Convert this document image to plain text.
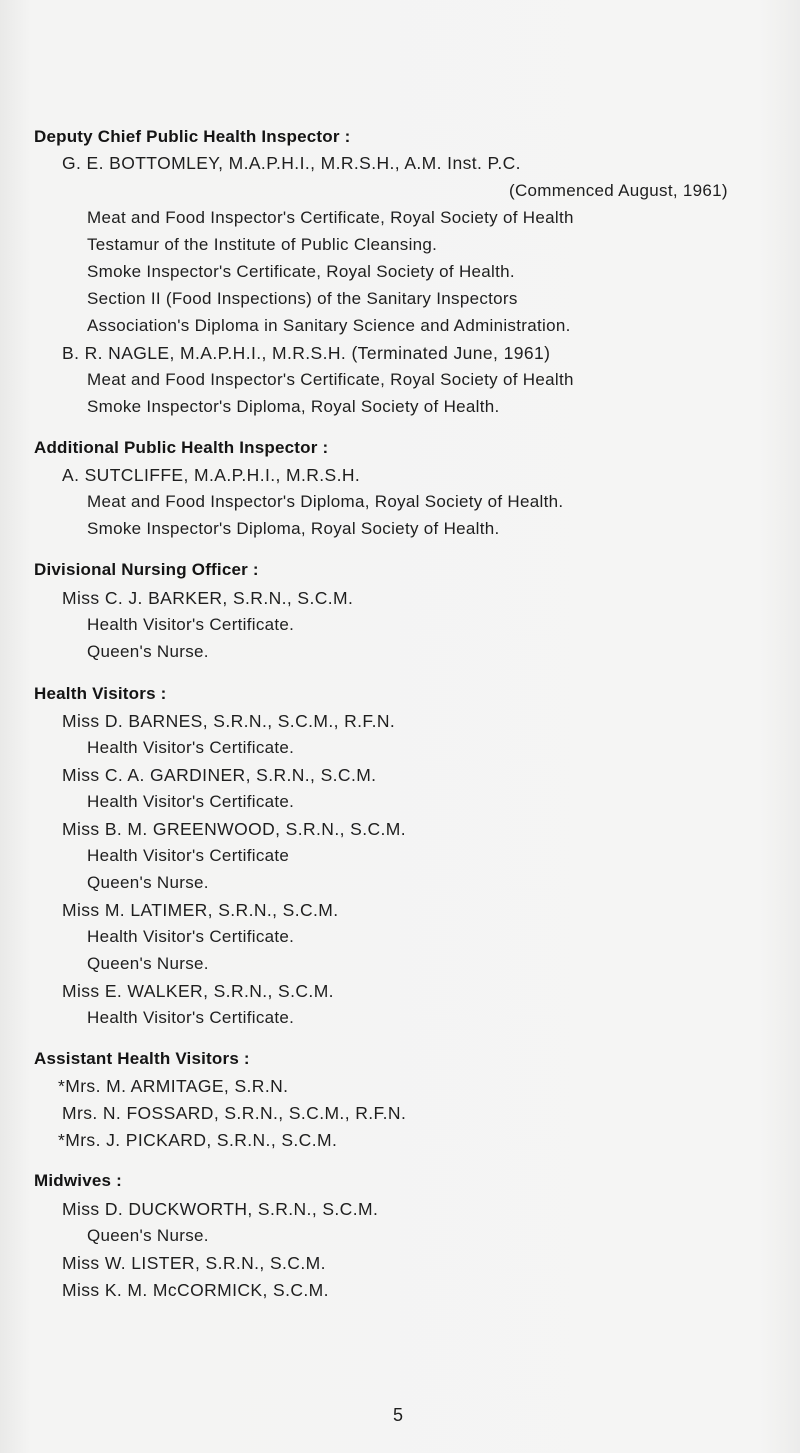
Deputy Chief Public Health Inspector :
G. E. BOTTOMLEY, M.A.P.H.I., M.R.S.H., A.M. Inst. P.C.
(Commenced August, 1961)
Meat and Food Inspector's Certificate, Royal Society of Health
Testamur of the Institute of Public Cleansing.
Smoke Inspector's Certificate, Royal Society of Health.
Section II (Food Inspections) of the Sanitary Inspectors
Association's Diploma in Sanitary Science and Administration.
B. R. NAGLE, M.A.P.H.I., M.R.S.H. (Terminated June, 1961)
Meat and Food Inspector's Certificate, Royal Society of Health
Smoke Inspector's Diploma, Royal Society of Health.
Additional Public Health Inspector :
A. SUTCLIFFE, M.A.P.H.I., M.R.S.H.
Meat and Food Inspector's Diploma, Royal Society of Health.
Smoke Inspector's Diploma, Royal Society of Health.
Divisional Nursing Officer :
Miss C. J. BARKER, S.R.N., S.C.M.
Health Visitor's Certificate.
Queen's Nurse.
Health Visitors :
Miss D. BARNES, S.R.N., S.C.M., R.F.N.
Health Visitor's Certificate.
Miss C. A. GARDINER, S.R.N., S.C.M.
Health Visitor's Certificate.
Miss B. M. GREENWOOD, S.R.N., S.C.M.
Health Visitor's Certificate
Queen's Nurse.
Miss M. LATIMER, S.R.N., S.C.M.
Health Visitor's Certificate.
Queen's Nurse.
Miss E. WALKER, S.R.N., S.C.M.
Health Visitor's Certificate.
Assistant Health Visitors :
*Mrs. M. ARMITAGE, S.R.N.
Mrs. N. FOSSARD, S.R.N., S.C.M., R.F.N.
*Mrs. J. PICKARD, S.R.N., S.C.M.
Midwives :
Miss D. DUCKWORTH, S.R.N., S.C.M.
Queen's Nurse.
Miss W. LISTER, S.R.N., S.C.M.
Miss K. M. McCORMICK, S.C.M.
5
